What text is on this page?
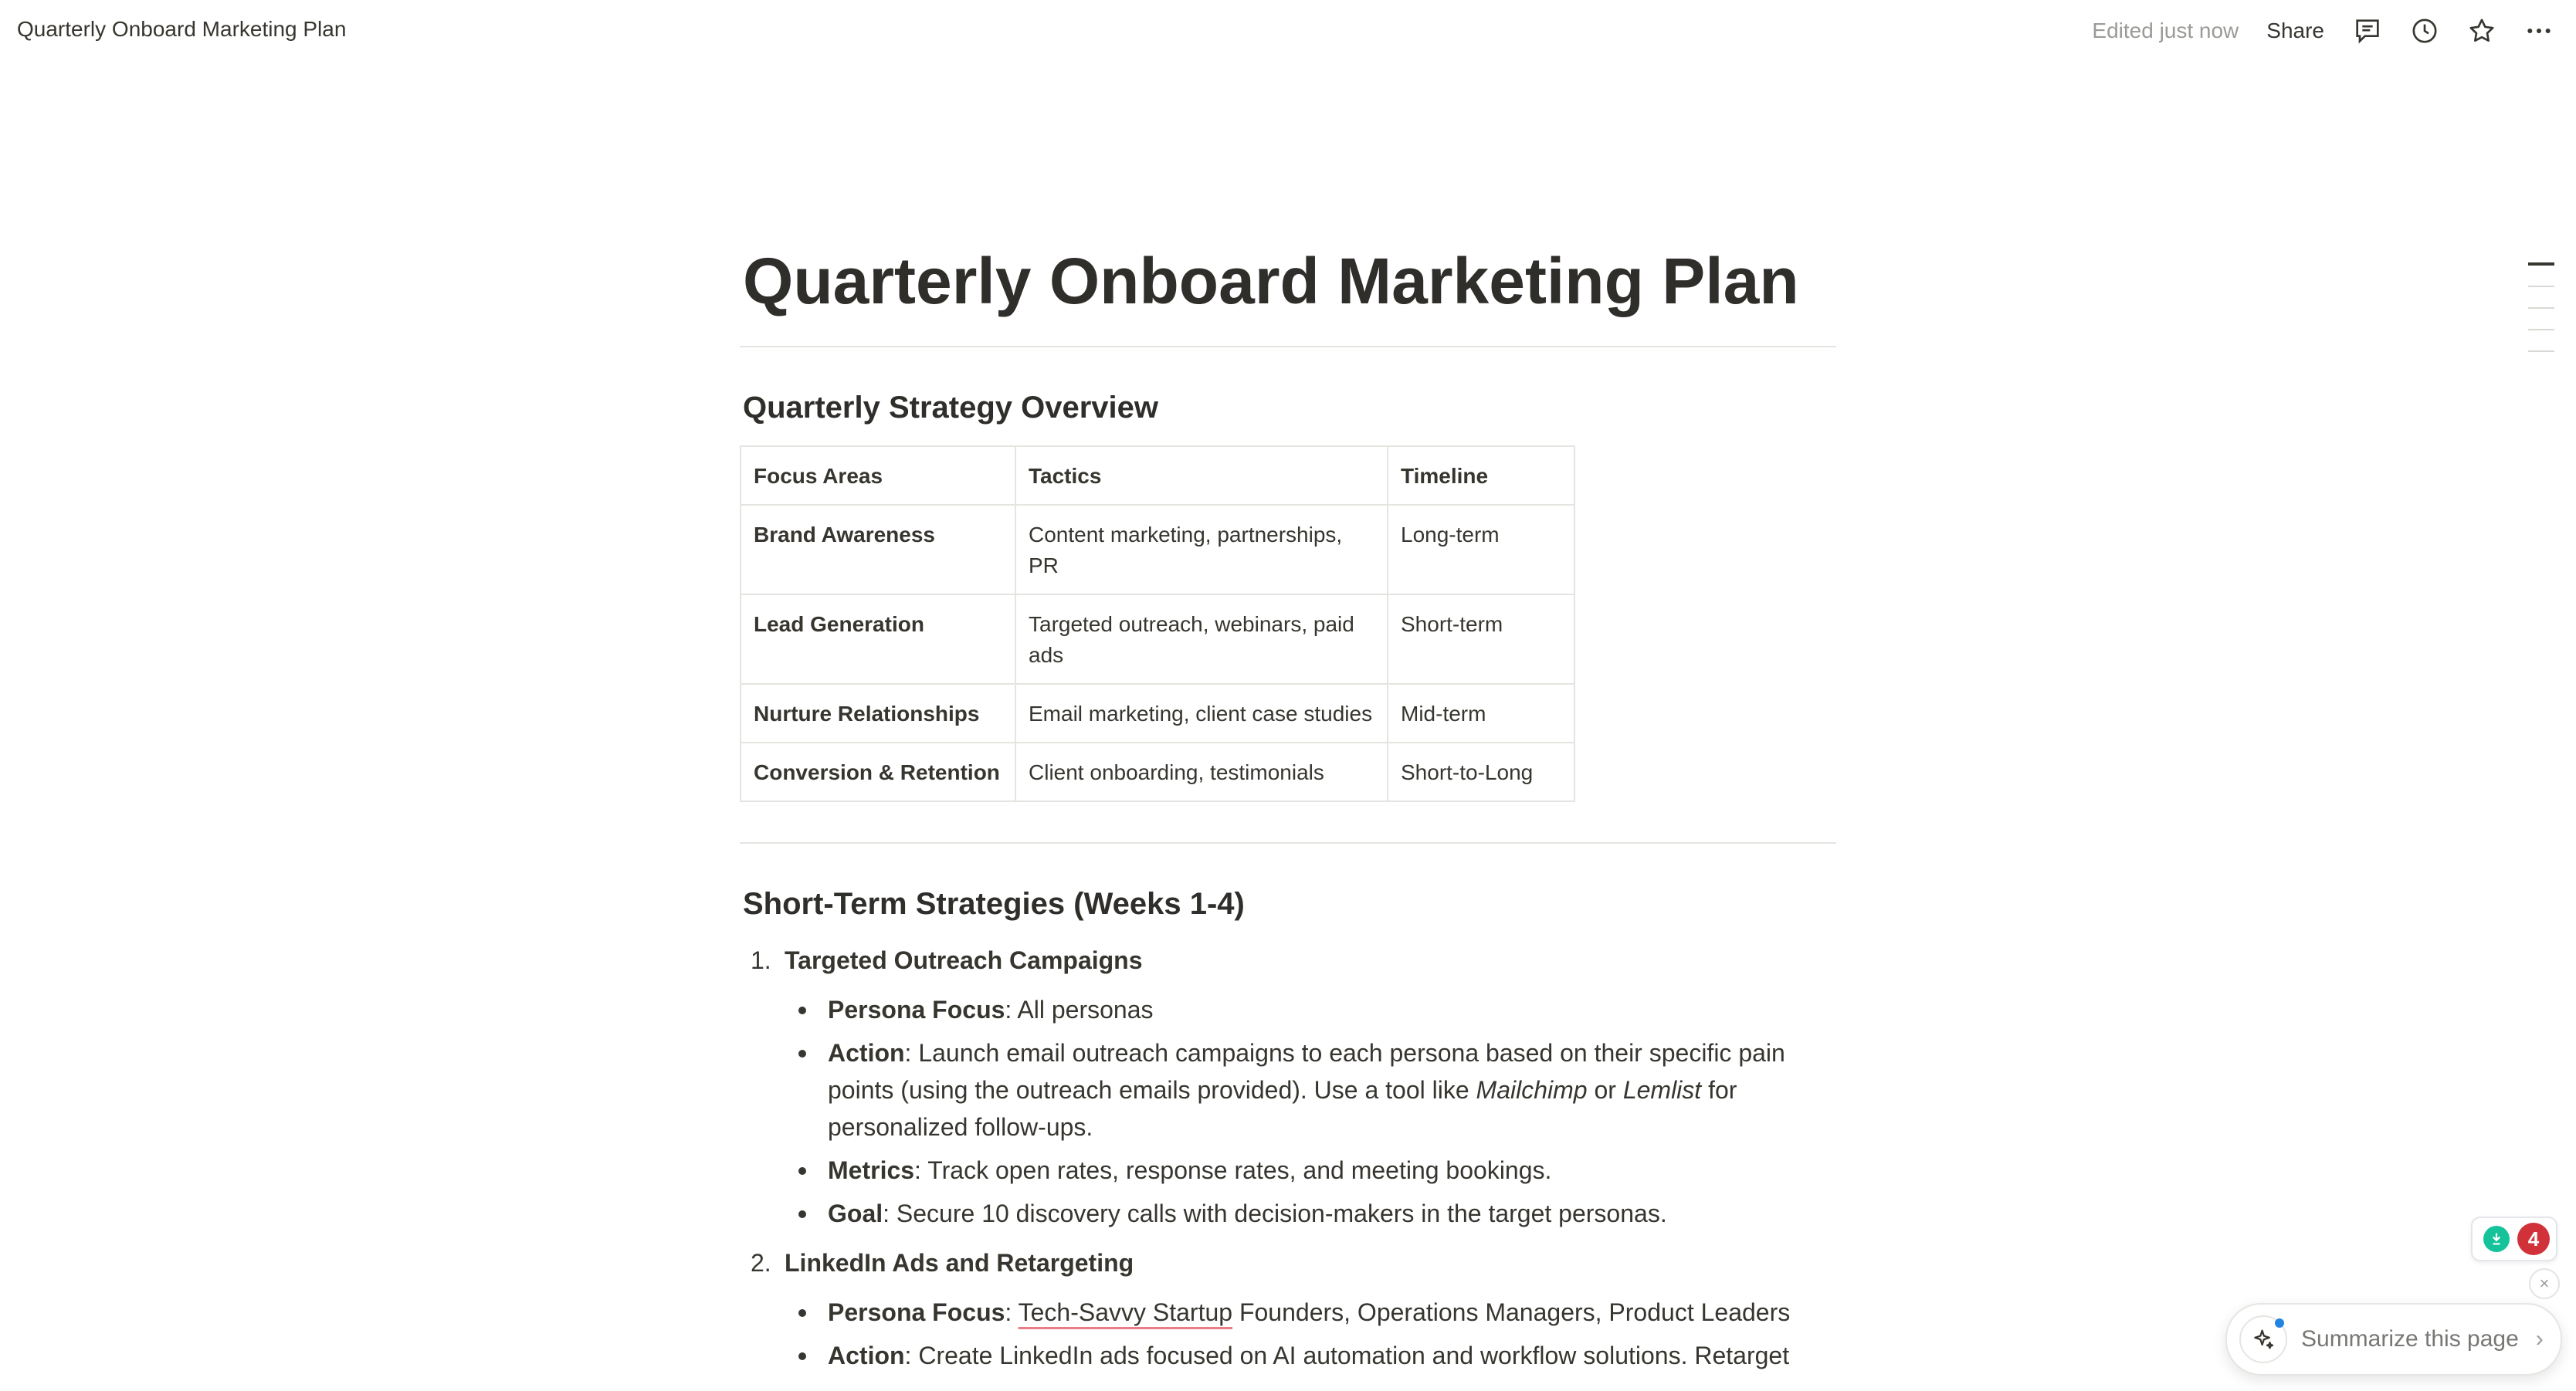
Quarterly Onboard Marketing Plan	Edited just now Share
Quarterly Onboard Marketing Plan
Quarterly Strategy Overview
Focus Areas	Tactics	Timeline
Brand Awareness	Content marketing, partnerships, PR	Long-term
Lead Generation	Targeted outreach, webinars, paid ads	Short-term
Nurture Relationships	Email marketing, client case studies	Mid-term
Conversion & Retention	Client onboarding, testimonials	Short-to-Long
Short-Term Strategies (Weeks 1-4)
1. Targeted Outreach Campaigns
Persona Focus: All personas
Action: Launch email outreach campaigns to each persona based on their specific pain points (using the outreach emails provided). Use a tool like Mailchimp or Lemlist for personalized follow-ups.
Metrics: Track open rates, response rates, and meeting bookings.
Goal: Secure 10 discovery calls with decision-makers in the target personas.
2. LinkedIn Ads and Retargeting
Persona Focus: Tech-Savvy Startup Founders, Operations Managers, Product Leaders
Action: Create LinkedIn ads focused on AI automation and workflow solutions. Retarget
4
×
Summarize this page ›
